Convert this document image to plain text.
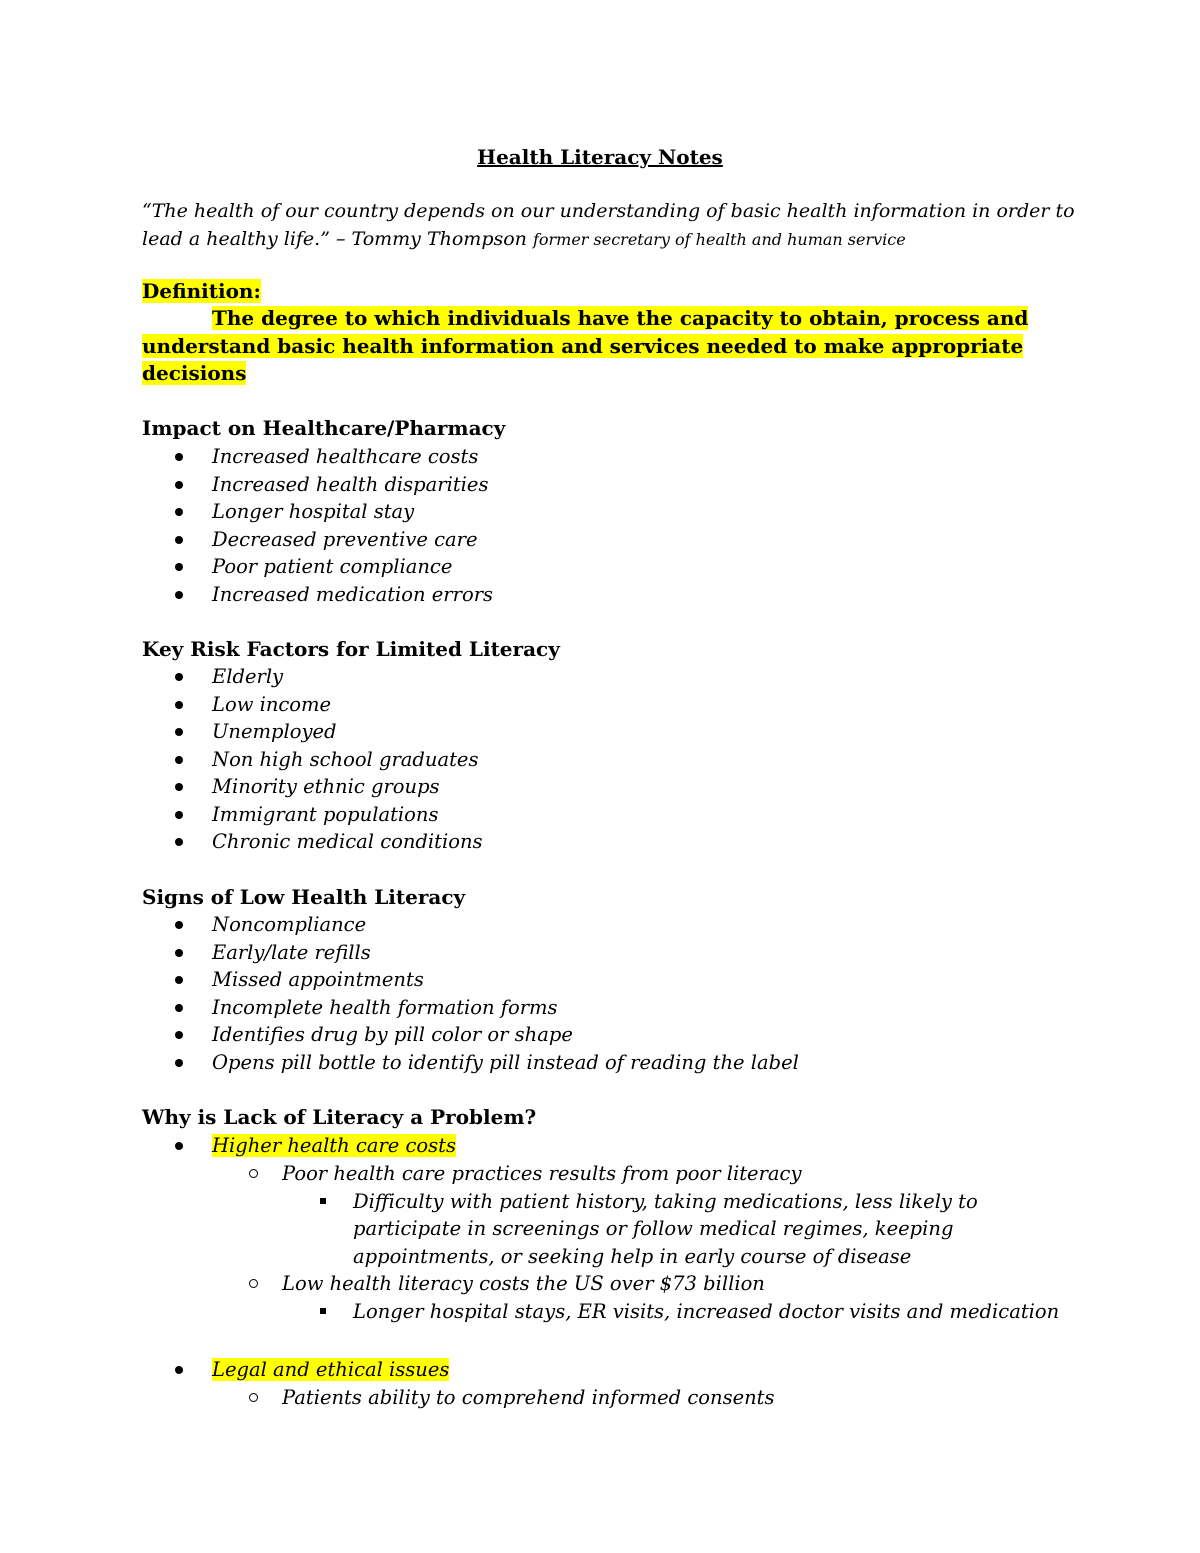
Health Literacy Notes
“The health of our country depends on our understanding of basic health information in order to lead a healthy life.” – Tommy Thompson former secretary of health and human service
Definition:
The degree to which individuals have the capacity to obtain, process and understand basic health information and services needed to make appropriate decisions
Impact on Healthcare/Pharmacy
Increased healthcare costs
Increased health disparities
Longer hospital stay
Decreased preventive care
Poor patient compliance
Increased medication errors
Key Risk Factors for Limited Literacy
Elderly
Low income
Unemployed
Non high school graduates
Minority ethnic groups
Immigrant populations
Chronic medical conditions
Signs of Low Health Literacy
Noncompliance
Early/late refills
Missed appointments
Incomplete health formation forms
Identifies drug by pill color or shape
Opens pill bottle to identify pill instead of reading the label
Why is Lack of Literacy a Problem?
Higher health care costs
Poor health care practices results from poor literacy
Difficulty with patient history, taking medications, less likely to participate in screenings or follow medical regimes, keeping appointments, or seeking help in early course of disease
Low health literacy costs the US over $73 billion
Longer hospital stays, ER visits, increased doctor visits and medication
Legal and ethical issues
Patients ability to comprehend informed consents
